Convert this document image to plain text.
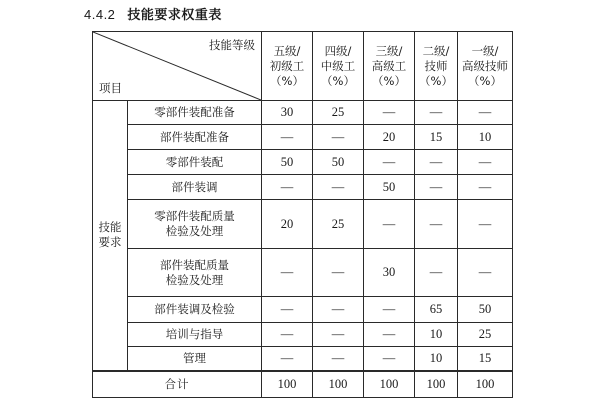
4.4.2 技能要求权重表
技能等级
项目		五级/
初级工
（%）	四级/
中级工
（%）	三级/
高级工
（%）	二级/
技师
（%）	一级/
高级技师
（%）

技能
要求	零部件装配准备	30	25	—	—	—

	部件装配准备	—	—	20	15	10

	零部件装配	50	50	—	—	—

	部件装调	—	—	50	—	—

	零部件装配质量
检验及处理	20	25	—	—	—

	部件装配质量
检验及处理	—	—	30	—	—

	部件装调及检验	—	—	—	65	50

	培训与指导	—	—	—	10	25

	管理	—	—	—	10	15
合计		100	100	100	100	100
